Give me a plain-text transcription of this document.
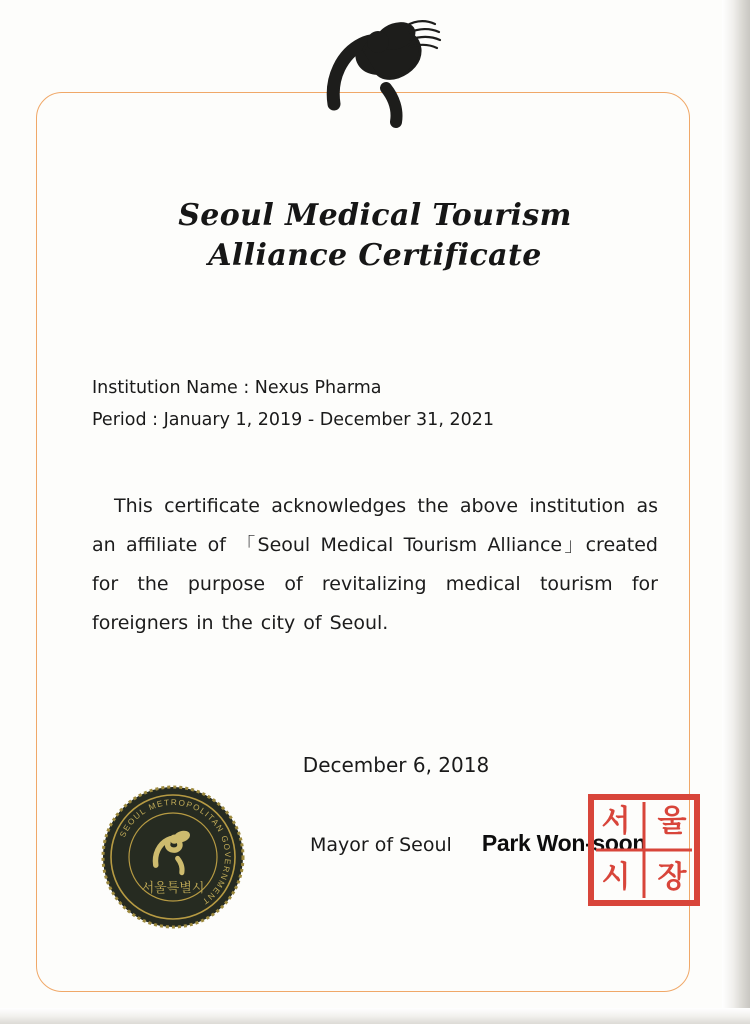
Seoul Medical Tourism
Alliance Certificate
Institution Name : Nexus Pharma
Period : January 1, 2019 - December 31, 2021
This certificate acknowledges the above institution as an affiliate of 「Seoul Medical Tourism Alliance」created for the purpose of revitalizing medical tourism for foreigners in the city of Seoul.
December 6, 2018
Mayor of Seoul Park Won-soon
SEOUL METROPOLITAN GOVERNMENT
서울특별시
서 울
시 장
